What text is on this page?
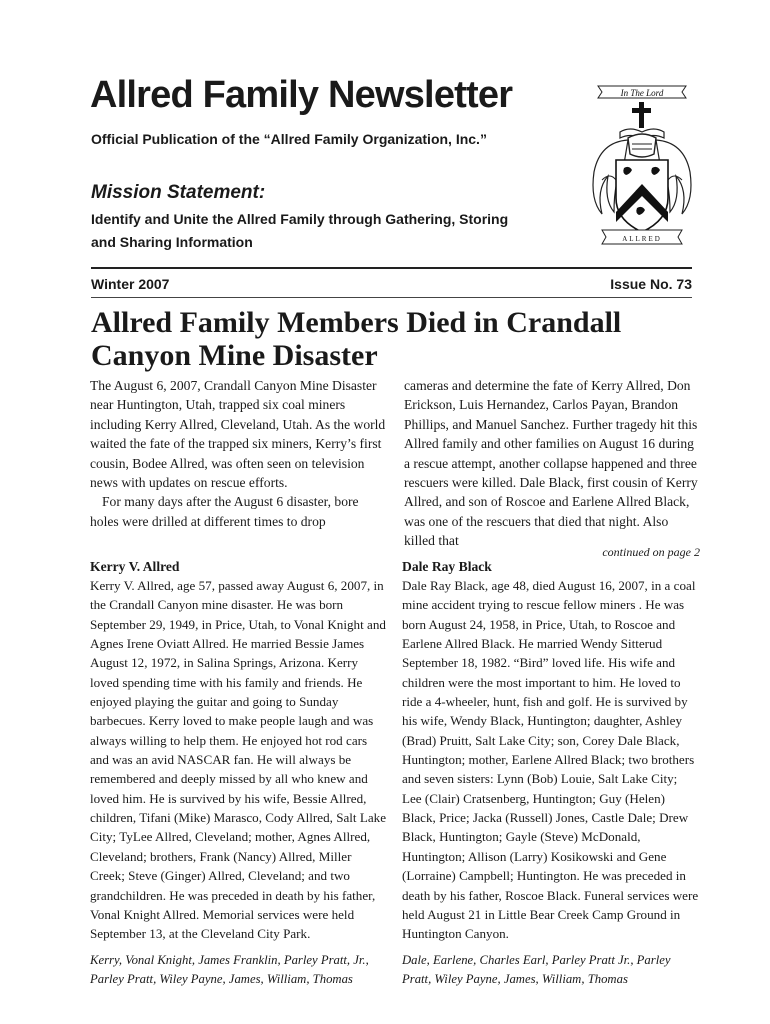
Allred Family Newsletter

Official Publication of the “Allred Family Organization, Inc.”

Mission Statement:

Identify and Unite the Allred Family through Gathering, Storing and Sharing Information

In The Lord
ALLRED
Winter 2007	Issue No. 73
Allred Family Members Died in Crandall Canyon Mine Disaster

The August 6, 2007, Crandall Canyon Mine Disaster near Huntington, Utah, trapped six coal miners including Kerry Allred, Cleveland, Utah. As the world waited the fate of the trapped six miners, Kerry’s first cousin, Bodee Allred, was often seen on television news with updates on rescue efforts.

For many days after the August 6 disaster, bore holes were drilled at different times to drop

cameras and determine the fate of Kerry Allred, Don Erickson, Luis Hernandez, Carlos Payan, Brandon Phillips, and Manuel Sanchez. Further tragedy hit this Allred family and other families on August 16 during a rescue attempt, another collapse happened and three rescuers were killed. Dale Black, first cousin of Kerry Allred, and son of Roscoe and Earlene Allred Black, was one of the rescuers that died that night. Also killed that

continued on page 2

Kerry V. Allred

Kerry V. Allred, age 57, passed away August 6, 2007, in the Crandall Canyon mine disaster. He was born September 29, 1949, in Price, Utah, to Vonal Knight and Agnes Irene Oviatt Allred. He married Bessie James August 12, 1972, in Salina Springs, Arizona. Kerry loved spending time with his family and friends. He enjoyed playing the guitar and going to Sunday barbecues. Kerry loved to make people laugh and was always willing to help them. He enjoyed hot rod cars and was an avid NASCAR fan. He will always be remembered and deeply missed by all who knew and loved him. He is survived by his wife, Bessie Allred, children, Tifani (Mike) Marasco, Cody Allred, Salt Lake City; TyLee Allred, Cleveland; mother, Agnes Allred, Cleveland; brothers, Frank (Nancy) Allred, Miller Creek; Steve (Ginger) Allred, Cleveland; and two grandchildren. He was preceded in death by his father, Vonal Knight Allred. Memorial services were held September 13, at the Cleveland City Park.

Kerry, Vonal Knight, James Franklin, Parley Pratt, Jr., Parley Pratt, Wiley Payne, James, William, Thomas

Dale Ray Black

Dale Ray Black, age 48, died August 16, 2007, in a coal mine accident trying to rescue fellow miners . He was born August 24, 1958, in Price, Utah, to Roscoe and Earlene Allred Black. He married Wendy Sitterud September 18, 1982. “Bird” loved life. His wife and children were the most important to him. He loved to ride a 4-wheeler, hunt, fish and golf. He is survived by his wife, Wendy Black, Huntington; daughter, Ashley (Brad) Pruitt, Salt Lake City; son, Corey Dale Black, Huntington; mother, Earlene Allred Black; two brothers and seven sisters: Lynn (Bob) Louie, Salt Lake City; Lee (Clair) Cratsenberg, Huntington; Guy (Helen) Black, Price; Jacka (Russell) Jones, Castle Dale; Drew Black, Huntington; Gayle (Steve) McDonald, Huntington; Allison (Larry) Kosikowski and Gene (Lorraine) Campbell; Huntington. He was preceded in death by his father, Roscoe Black. Funeral services were held August 21 in Little Bear Creek Camp Ground in Huntington Canyon.

Dale, Earlene, Charles Earl, Parley Pratt Jr., Parley Pratt, Wiley Payne, James, William, Thomas
